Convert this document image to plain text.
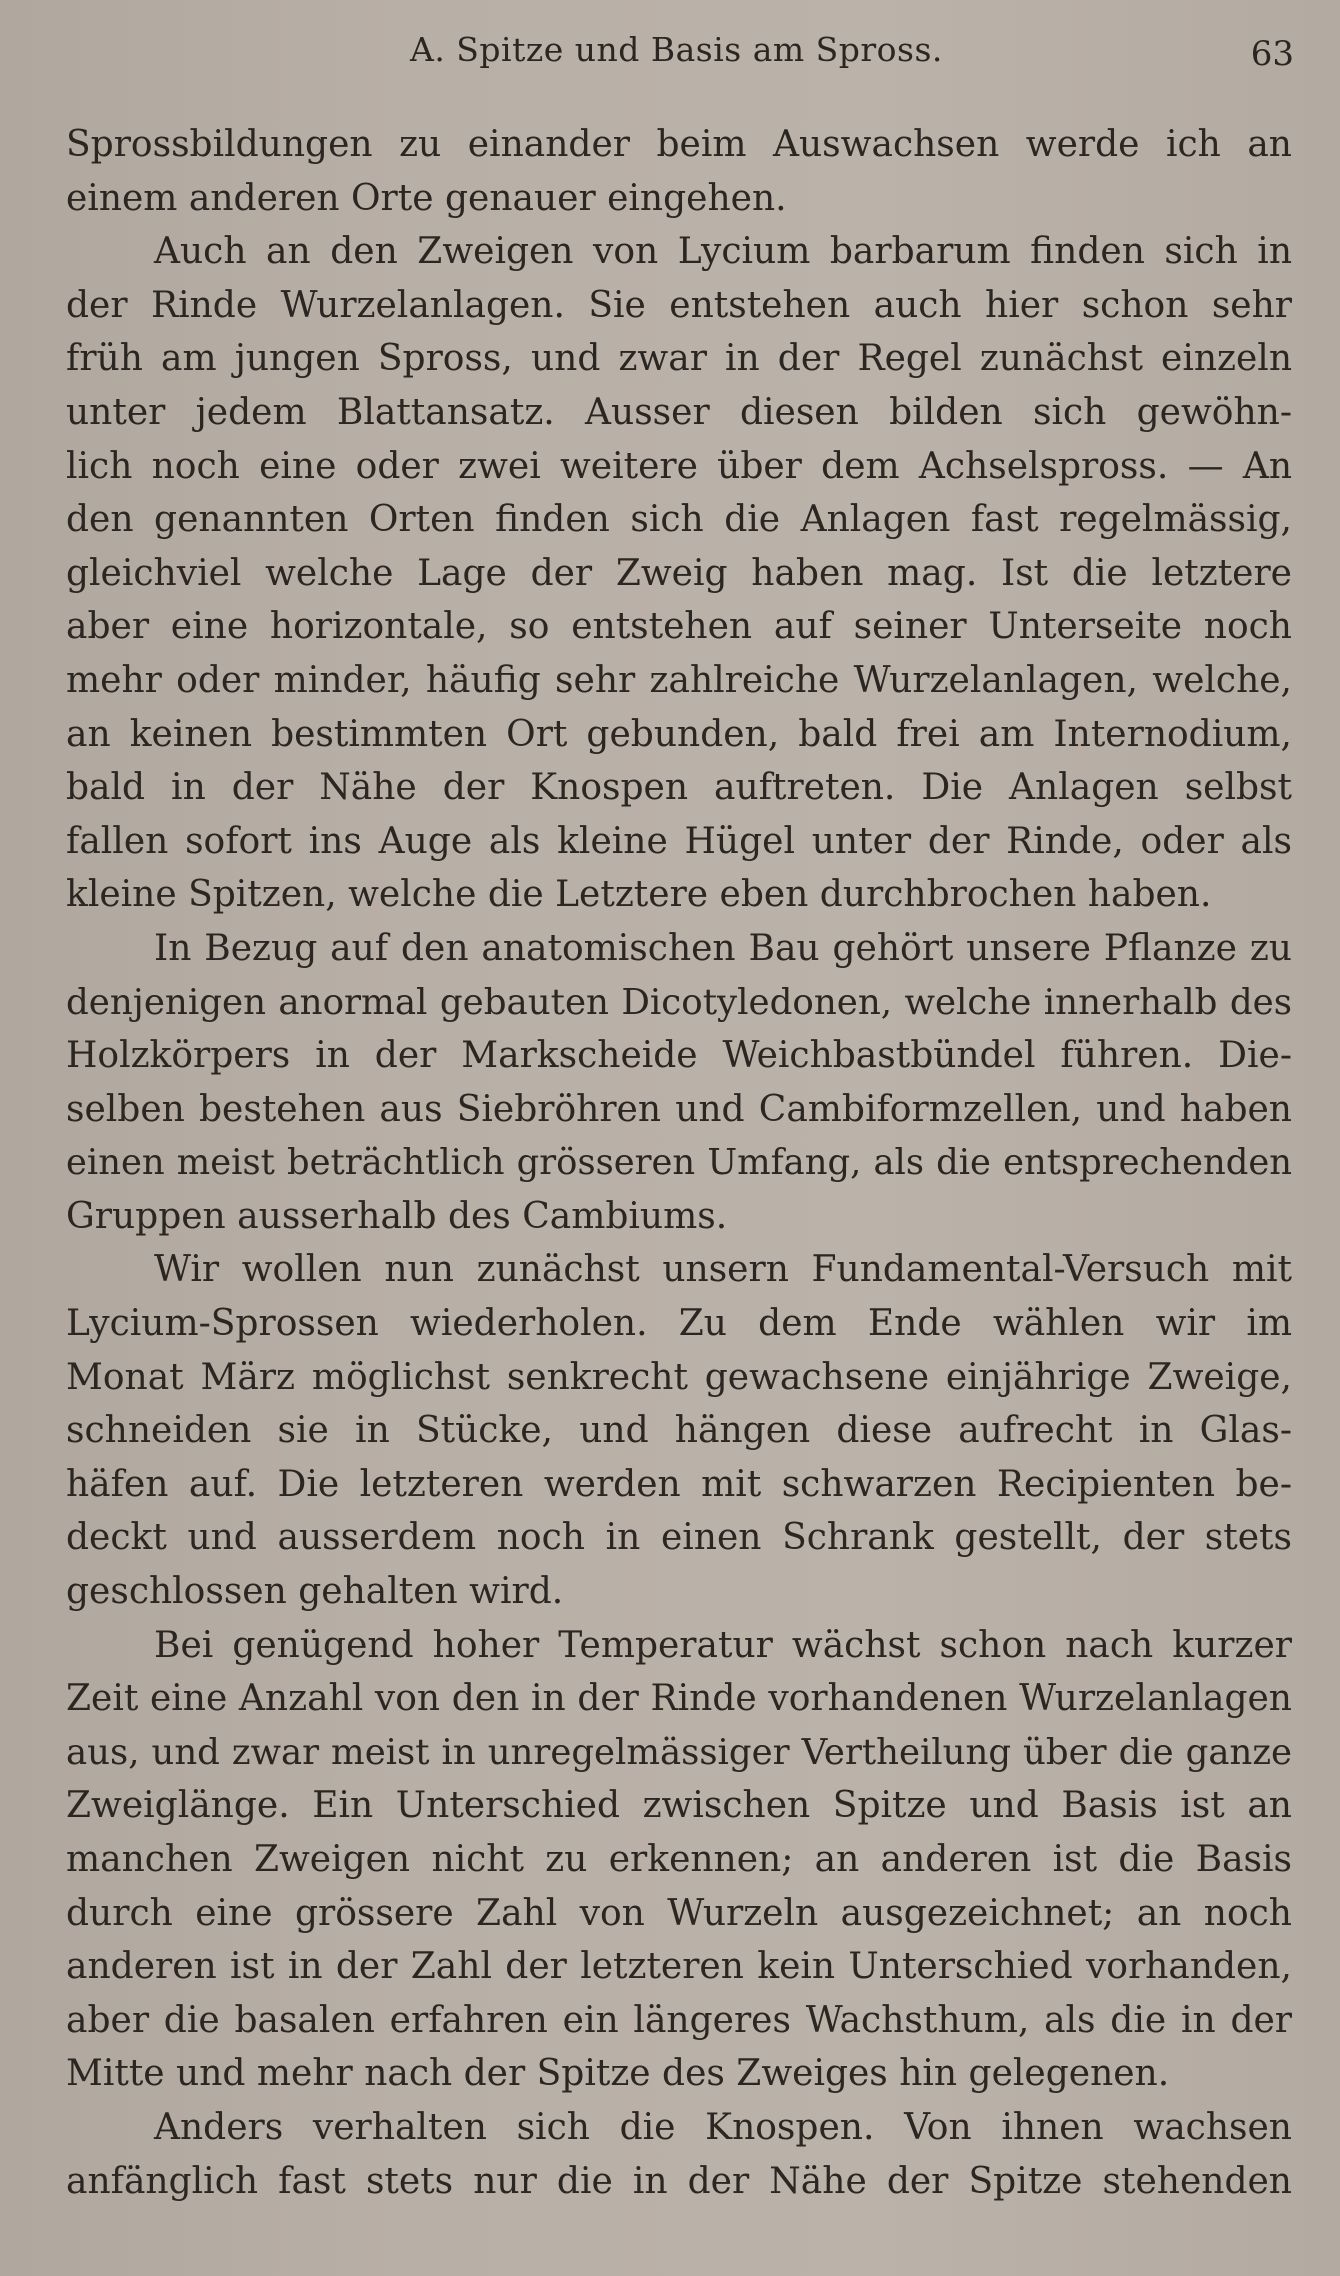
A. Spitze und Basis am Spross.	63
Sprossbildungen zu einander beim Auswachsen werde ich an
einem anderen Orte genauer eingehen.
Auch an den Zweigen von Lycium barbarum finden sich in
der Rinde Wurzelanlagen. Sie entstehen auch hier schon sehr
früh am jungen Spross, und zwar in der Regel zunächst einzeln
unter jedem Blattansatz. Ausser diesen bilden sich gewöhn-
lich noch eine oder zwei weitere über dem Achselspross. — An
den genannten Orten finden sich die Anlagen fast regelmässig,
gleichviel welche Lage der Zweig haben mag. Ist die letztere
aber eine horizontale, so entstehen auf seiner Unterseite noch
mehr oder minder, häufig sehr zahlreiche Wurzelanlagen, welche,
an keinen bestimmten Ort gebunden, bald frei am Internodium,
bald in der Nähe der Knospen auftreten. Die Anlagen selbst
fallen sofort ins Auge als kleine Hügel unter der Rinde, oder als
kleine Spitzen, welche die Letztere eben durchbrochen haben.
In Bezug auf den anatomischen Bau gehört unsere Pflanze zu
denjenigen anormal gebauten Dicotyledonen, welche innerhalb des
Holzkörpers in der Markscheide Weichbastbündel führen. Die-
selben bestehen aus Siebröhren und Cambiformzellen, und haben
einen meist beträchtlich grösseren Umfang, als die entsprechenden
Gruppen ausserhalb des Cambiums.
Wir wollen nun zunächst unsern Fundamental-Versuch mit
Lycium-Sprossen wiederholen. Zu dem Ende wählen wir im
Monat März möglichst senkrecht gewachsene einjährige Zweige,
schneiden sie in Stücke, und hängen diese aufrecht in Glas-
häfen auf. Die letzteren werden mit schwarzen Recipienten be-
deckt und ausserdem noch in einen Schrank gestellt, der stets
geschlossen gehalten wird.
Bei genügend hoher Temperatur wächst schon nach kurzer
Zeit eine Anzahl von den in der Rinde vorhandenen Wurzelanlagen
aus, und zwar meist in unregelmässiger Vertheilung über die ganze
Zweiglänge. Ein Unterschied zwischen Spitze und Basis ist an
manchen Zweigen nicht zu erkennen; an anderen ist die Basis
durch eine grössere Zahl von Wurzeln ausgezeichnet; an noch
anderen ist in der Zahl der letzteren kein Unterschied vorhanden,
aber die basalen erfahren ein längeres Wachsthum, als die in der
Mitte und mehr nach der Spitze des Zweiges hin gelegenen.
Anders verhalten sich die Knospen. Von ihnen wachsen
anfänglich fast stets nur die in der Nähe der Spitze stehenden
